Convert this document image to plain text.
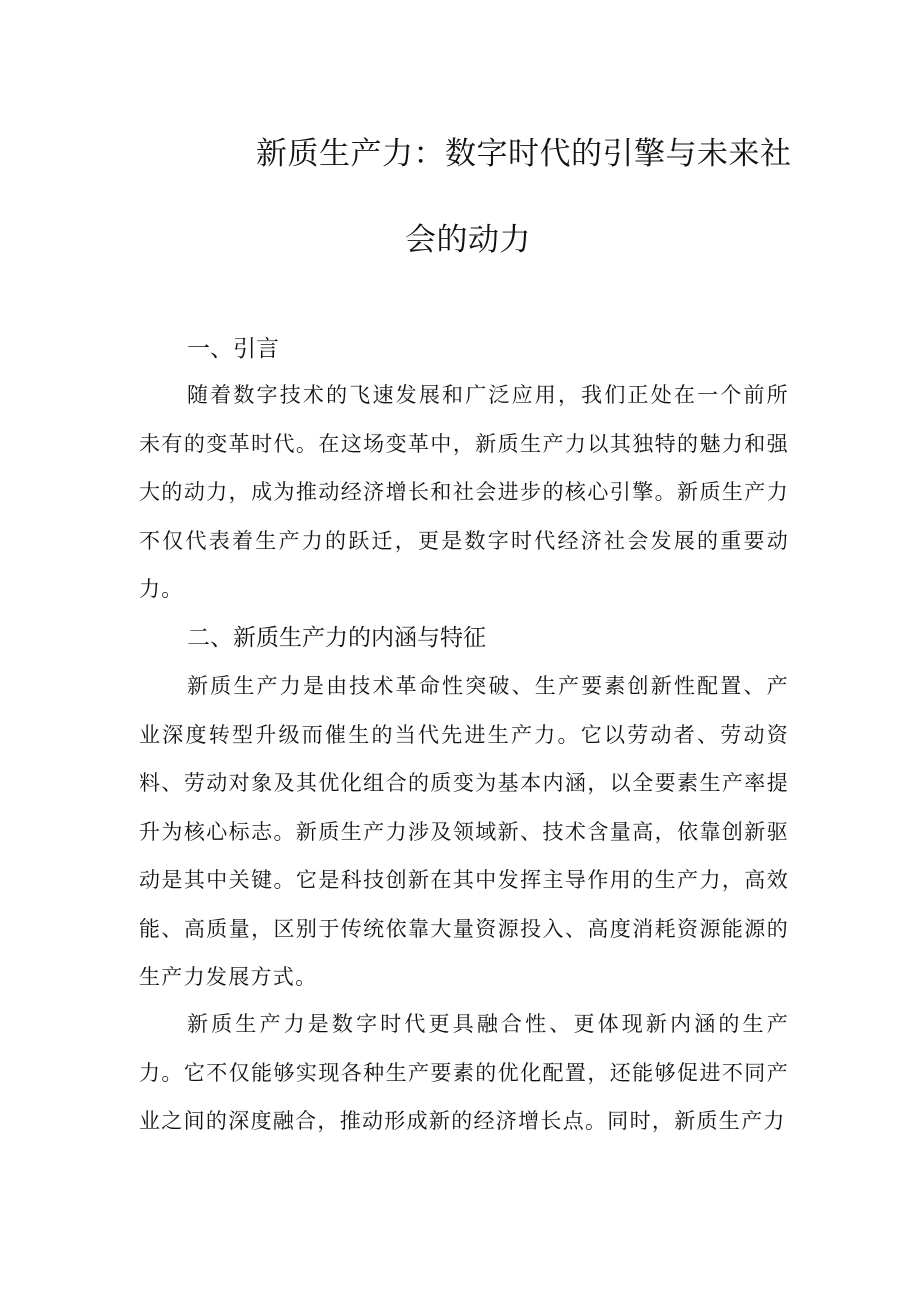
新质生产力：数字时代的引擎与未来社
会的动力
一、引言

随着数字技术的飞速发展和广泛应用，我们正处在一个前所未有的变革时代。在这场变革中，新质生产力以其独特的魅力和强大的动力，成为推动经济增长和社会进步的核心引擎。新质生产力不仅代表着生产力的跃迁，更是数字时代经济社会发展的重要动力。

二、新质生产力的内涵与特征

新质生产力是由技术革命性突破、生产要素创新性配置、产业深度转型升级而催生的当代先进生产力。它以劳动者、劳动资料、劳动对象及其优化组合的质变为基本内涵，以全要素生产率提升为核心标志。新质生产力涉及领域新、技术含量高，依靠创新驱动是其中关键。它是科技创新在其中发挥主导作用的生产力，高效能、高质量，区别于传统依靠大量资源投入、高度消耗资源能源的生产力发展方式。

新质生产力是数字时代更具融合性、更体现新内涵的生产力。它不仅能够实现各种生产要素的优化配置，还能够促进不同产业之间的深度融合，推动形成新的经济增长点。同时，新质生产力
